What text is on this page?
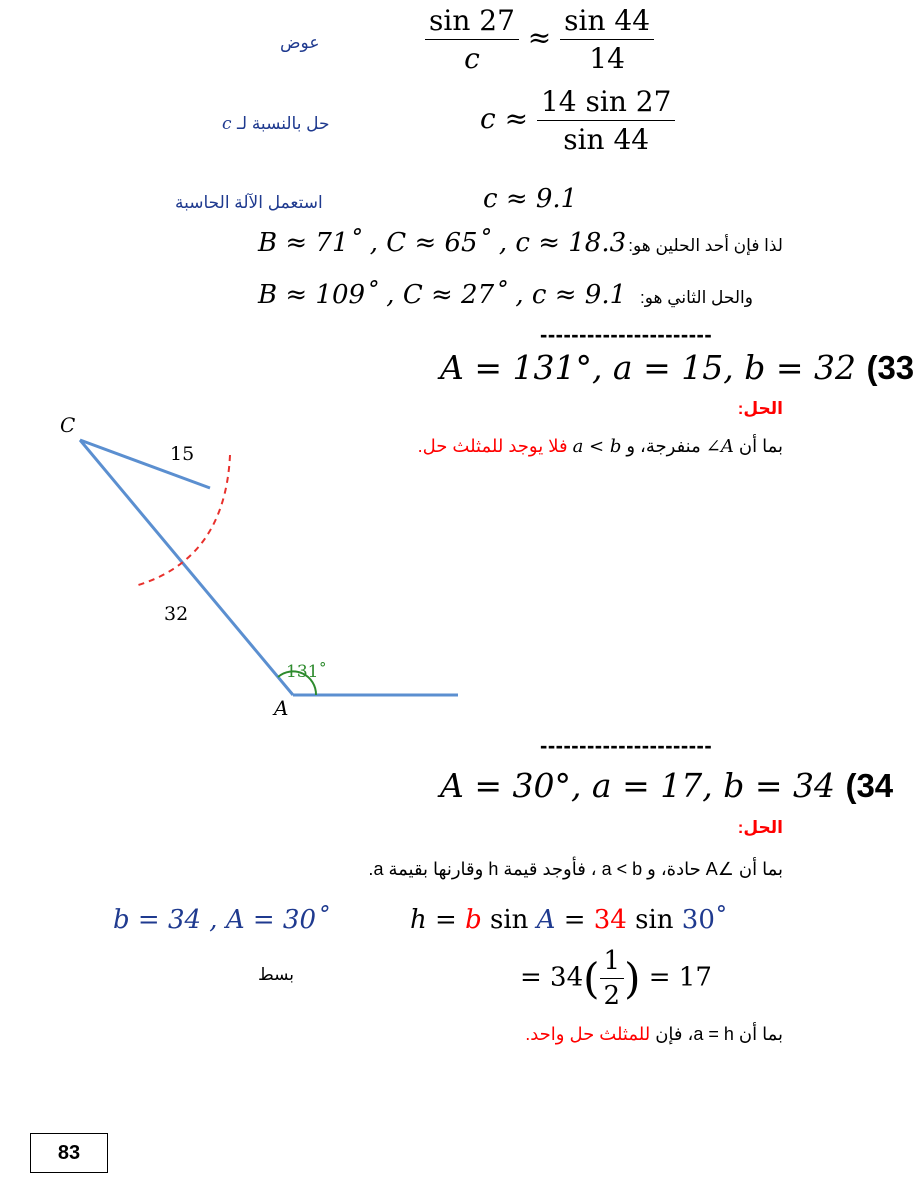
عوض	$\frac{\sin 27}{c} \approx \frac{\sin 44}{14}$
c حل بالنسبة لـ	$c \approx \frac{14 \sin 27}{\sin 44}$
استعمل الآلة الحاسبة	c ≈ 9.1
لذا فإن أحد الحلين هو:
B ≈ 71˚ , C ≈ 65˚ , c ≈ 18.3
والحل الثاني هو:
B ≈ 109˚ , C ≈ 27˚ , c ≈ 9.1
----------------------
A = 131°, a = 15, b = 32 (33
الحل:
بما أن ∠A منفرجة، و a < b فلا يوجد للمثلث حل.
C
15
32
131˚
A
----------------------
A = 30°, a = 17, b = 34 (34
الحل:
بما أن ∠A حادة، و a < b ، فأوجد قيمة h وقارنها بقيمة a.
b = 34 , A = 30˚	h = b sin A = 34 sin 30˚
بسط	= $34( \frac{1}{2}$ ) = 17
بما أن a = h، فإن للمثلث حل واحد.
83
